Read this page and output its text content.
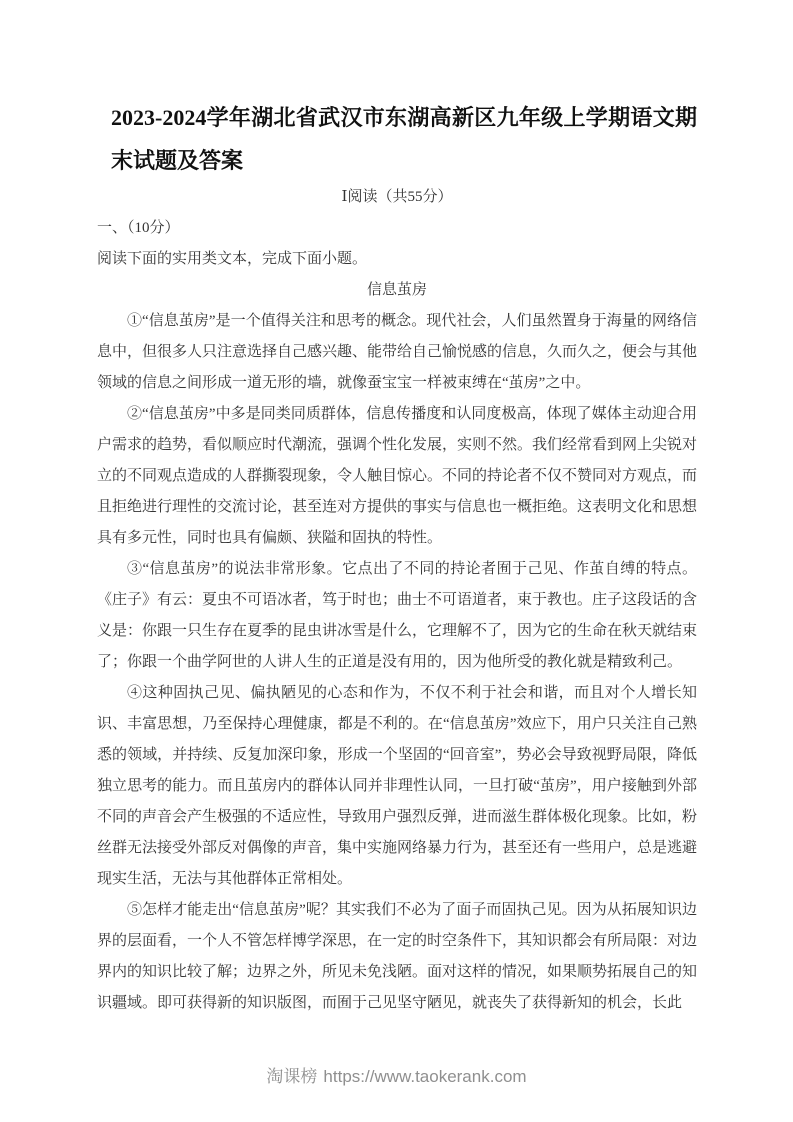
2023-2024学年湖北省武汉市东湖高新区九年级上学期语文期末试题及答案
Ⅰ阅读（共55分）
一、（10分）
阅读下面的实用类文本，完成下面小题。
信息茧房

①“信息茧房”是一个值得关注和思考的概念。现代社会，人们虽然置身于海量的网络信息中，但很多人只注意选择自己感兴趣、能带给自己愉悦感的信息，久而久之，便会与其他领域的信息之间形成一道无形的墙，就像蚕宝宝一样被束缚在“茧房”之中。

②“信息茧房”中多是同类同质群体，信息传播度和认同度极高，体现了媒体主动迎合用户需求的趋势，看似顺应时代潮流，强调个性化发展，实则不然。我们经常看到网上尖锐对立的不同观点造成的人群撕裂现象，令人触目惊心。不同的持论者不仅不赞同对方观点，而且拒绝进行理性的交流讨论，甚至连对方提供的事实与信息也一概拒绝。这表明文化和思想具有多元性，同时也具有偏颇、狭隘和固执的特性。

③“信息茧房”的说法非常形象。它点出了不同的持论者囿于己见、作茧自缚的特点。《庄子》有云：夏虫不可语冰者，笃于时也；曲士不可语道者，束于教也。庄子这段话的含义是：你跟一只生存在夏季的昆虫讲冰雪是什么，它理解不了，因为它的生命在秋天就结束了；你跟一个曲学阿世的人讲人生的正道是没有用的，因为他所受的教化就是精致利己。

④这种固执己见、偏执陋见的心态和作为，不仅不利于社会和谐，而且对个人增长知识、丰富思想，乃至保持心理健康，都是不利的。在“信息茧房”效应下，用户只关注自己熟悉的领域，并持续、反复加深印象，形成一个坚固的“回音室”，势必会导致视野局限，降低独立思考的能力。而且茧房内的群体认同并非理性认同，一旦打破“茧房”，用户接触到外部不同的声音会产生极强的不适应性，导致用户强烈反弹，进而滋生群体极化现象。比如，粉丝群无法接受外部反对偶像的声音，集中实施网络暴力行为，甚至还有一些用户，总是逃避现实生活，无法与其他群体正常相处。

⑤怎样才能走出“信息茧房”呢？其实我们不必为了面子而固执己见。因为从拓展知识边界的层面看，一个人不管怎样博学深思，在一定的时空条件下，其知识都会有所局限：对边界内的知识比较了解；边界之外，所见未免浅陋。面对这样的情况，如果顺势拓展自己的知识疆域。即可获得新的知识版图，而囿于己见坚守陋见，就丧失了获得新知的机会，长此

淘课榜 https://www.taokerank.com
